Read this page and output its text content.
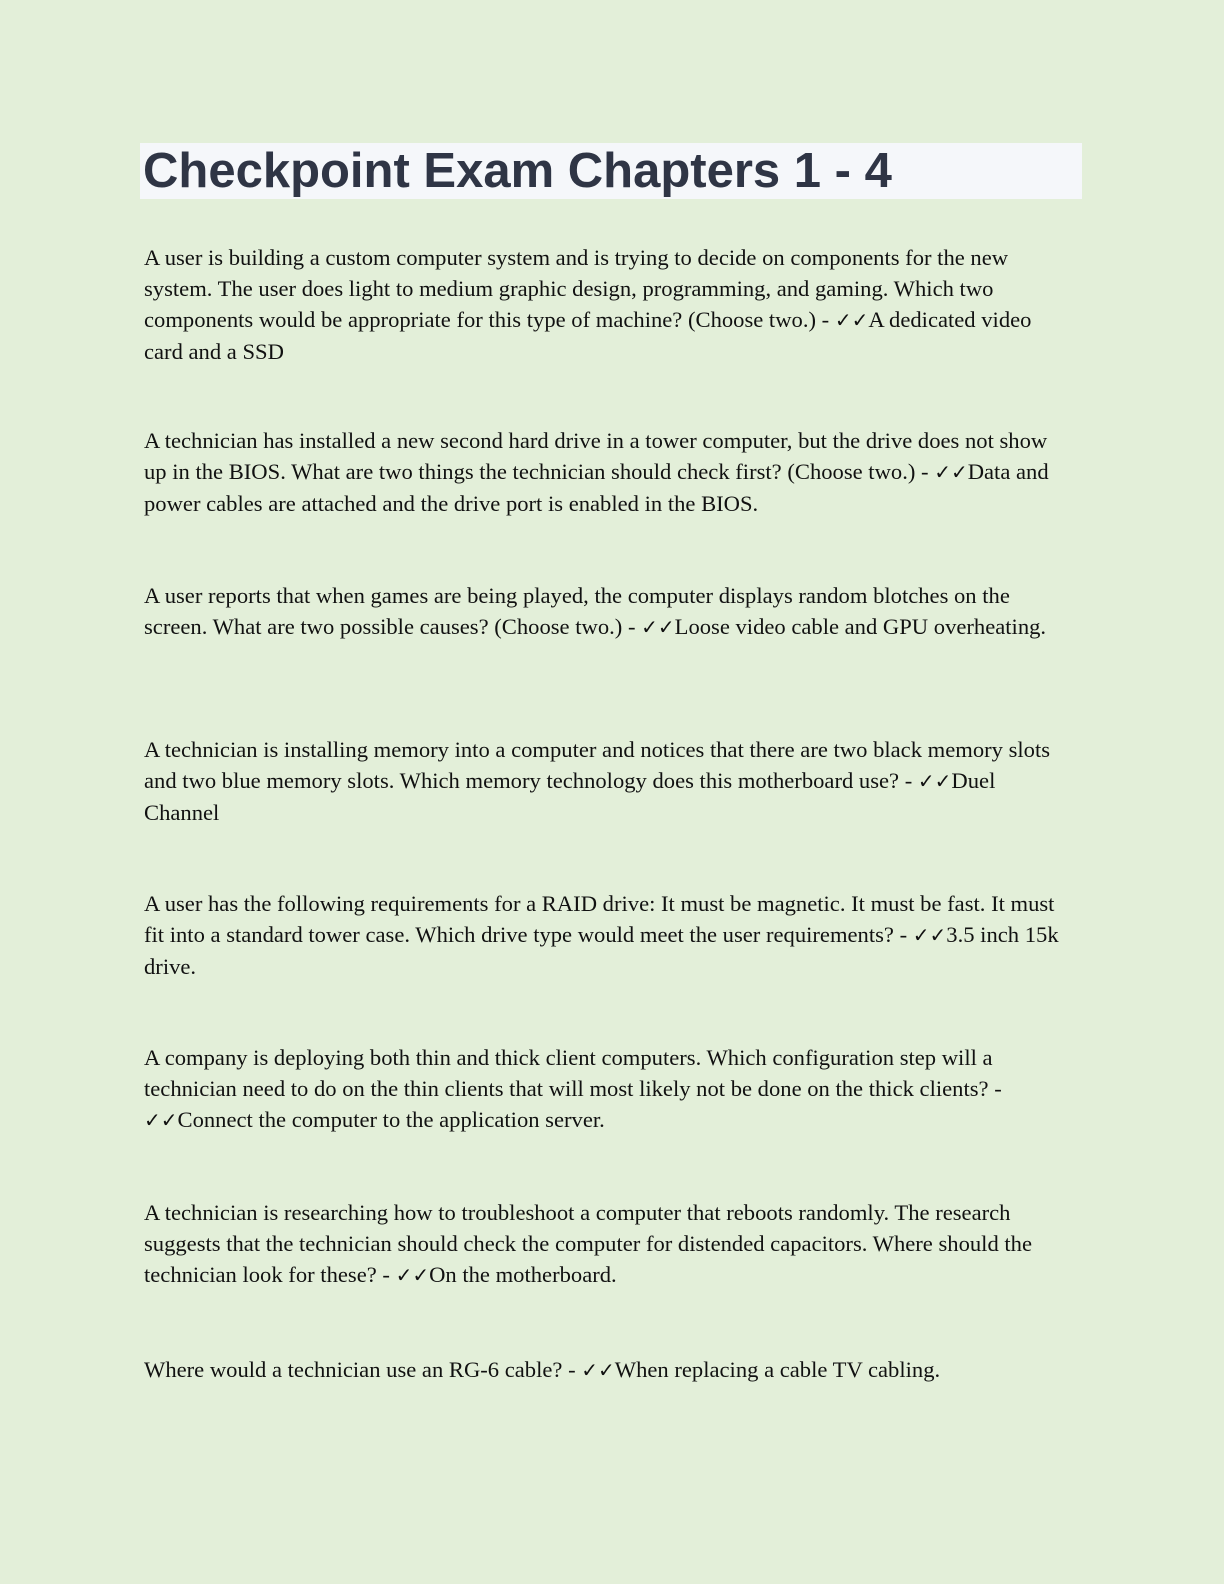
Checkpoint Exam Chapters 1 - 4

A user is building a custom computer system and is trying to decide on components for the new system. The user does light to medium graphic design, programming, and gaming. Which two components would be appropriate for this type of machine? (Choose two.) - ✓✓A dedicated video card and a SSD

A technician has installed a new second hard drive in a tower computer, but the drive does not show up in the BIOS. What are two things the technician should check first? (Choose two.) - ✓✓Data and power cables are attached and the drive port is enabled in the BIOS.

A user reports that when games are being played, the computer displays random blotches on the screen. What are two possible causes? (Choose two.) - ✓✓Loose video cable and GPU overheating.

A technician is installing memory into a computer and notices that there are two black memory slots and two blue memory slots. Which memory technology does this motherboard use? - ✓✓Duel Channel

A user has the following requirements for a RAID drive: It must be magnetic. It must be fast. It must fit into a standard tower case. Which drive type would meet the user requirements? - ✓✓3.5 inch 15k drive.

A company is deploying both thin and thick client computers. Which configuration step will a technician need to do on the thin clients that will most likely not be done on the thick clients? - ✓✓Connect the computer to the application server.

A technician is researching how to troubleshoot a computer that reboots randomly. The research suggests that the technician should check the computer for distended capacitors. Where should the technician look for these? - ✓✓On the motherboard.

Where would a technician use an RG-6 cable? - ✓✓When replacing a cable TV cabling.
